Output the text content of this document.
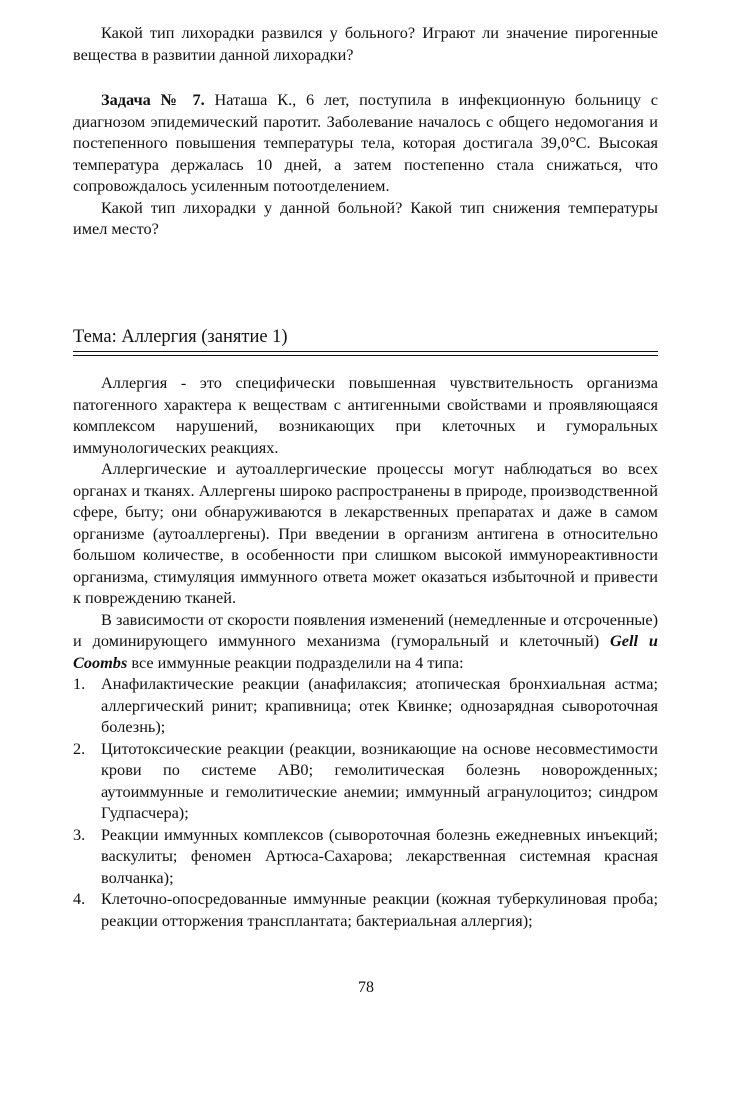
Какой тип лихорадки развился у больного? Играют ли значение пирогенные вещества в развитии данной лихорадки?

Задача № 7. Наташа К., 6 лет, поступила в инфекционную больницу с диагнозом эпидемический паротит. Заболевание началось с общего недомогания и постепенного повышения температуры тела, которая достигала 39,0°С. Высокая температура держалась 10 дней, а затем постепенно стала снижаться, что сопровождалось усиленным потоотделением.

Какой тип лихорадки у данной больной? Какой тип снижения температуры имел место?

Тема: Аллергия (занятие 1)

Аллергия - это специфически повышенная чувствительность организма патогенного характера к веществам с антигенными свойствами и проявляющаяся комплексом нарушений, возникающих при клеточных и гуморальных иммунологических реакциях.

Аллергические и аутоаллергические процессы могут наблюдаться во всех органах и тканях. Аллергены широко распространены в природе, производственной сфере, быту; они обнаруживаются в лекарственных препаратах и даже в самом организме (аутоаллергены). При введении в организм антигена в относительно большом количестве, в особенности при слишком высокой иммунореактивности организма, стимуляция иммунного ответа может оказаться избыточной и привести к повреждению тканей.

В зависимости от скорости появления изменений (немедленные и отсроченные) и доминирующего иммунного механизма (гуморальный и клеточный) Gell и Coombs все иммунные реакции подразделили на 4 типа:

1. Анафилактические реакции (анафилаксия; атопическая бронхиальная астма; аллергический ринит; крапивница; отек Квинке; однозарядная сывороточная болезнь);
2. Цитотоксические реакции (реакции, возникающие на основе несовместимости крови по системе АВ0; гемолитическая болезнь новорожденных; аутоиммунные и гемолитические анемии; иммунный агранулоцитоз; синдром Гудпасчера);
3. Реакции иммунных комплексов (сывороточная болезнь ежедневных инъекций; васкулиты; феномен Артюса-Сахарова; лекарственная системная красная волчанка);
4. Клеточно-опосредованные иммунные реакции (кожная туберкулиновая проба; реакции отторжения трансплантата; бактериальная аллергия);
78
